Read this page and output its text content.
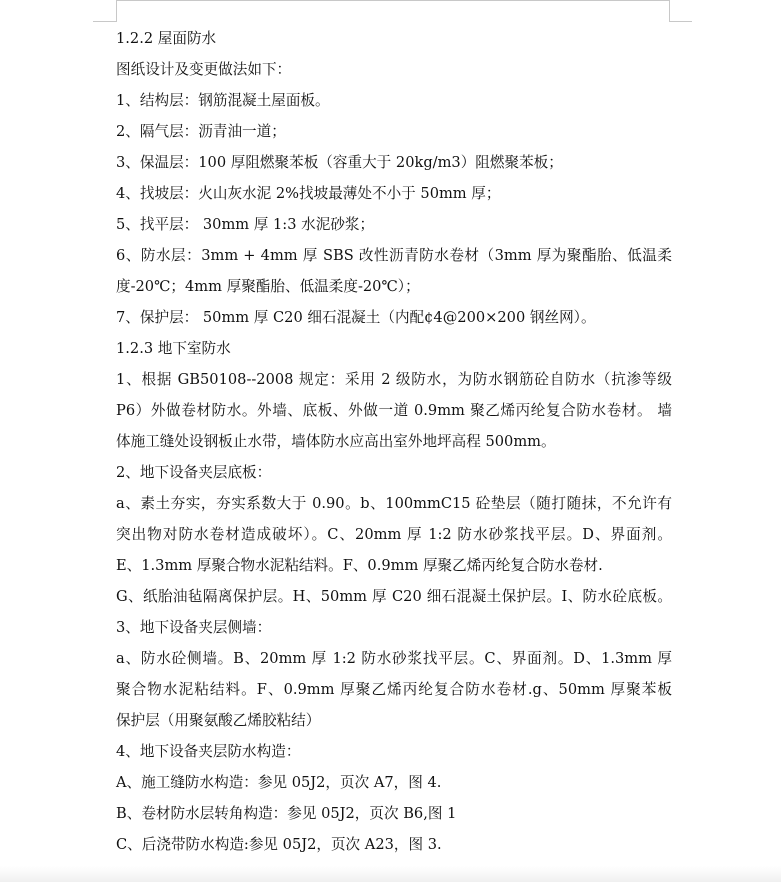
1.2.2 屋面防水
图纸设计及变更做法如下：
1、结构层：钢筋混凝土屋面板。
2、隔气层：沥青油一道；
3、保温层：100 厚阻燃聚苯板（容重大于 20kg/m3）阻燃聚苯板；
4、找坡层：火山灰水泥 2%找坡最薄处不小于 50mm 厚；
5、找平层： 30mm 厚 1:3 水泥砂浆；
6、防水层：3mm + 4mm 厚 SBS 改性沥青防水卷材（3mm 厚为聚酯胎、低温柔
度-20℃；4mm 厚聚酯胎、低温柔度-20℃）；
7、保护层： 50mm 厚 C20 细石混凝土（内配¢4@200×200 钢丝网）。
1.2.3 地下室防水
1、根据 GB50108--2008 规定：采用 2 级防水，为防水钢筋砼自防水（抗渗等级
P6）外做卷材防水。外墙、底板、外做一道 0.9mm 聚乙烯丙纶复合防水卷材。 墙
体施工缝处设钢板止水带，墙体防水应高出室外地坪高程 500mm。
2、地下设备夹层底板：
a、素土夯实，夯实系数大于 0.90。b、100mmC15 砼垫层（随打随抹，不允许有
突出物对防水卷材造成破坏）。C、20mm 厚 1:2 防水砂浆找平层。D、界面剂。
E、1.3mm 厚聚合物水泥粘结料。F、0.9mm 厚聚乙烯丙纶复合防水卷材.
G、纸胎油毡隔离保护层。H、50mm 厚 C20 细石混凝土保护层。I、防水砼底板。
3、地下设备夹层侧墙：
a、防水砼侧墙。B、20mm 厚 1:2 防水砂浆找平层。C、界面剂。D、1.3mm 厚
聚合物水泥粘结料。F、0.9mm 厚聚乙烯丙纶复合防水卷材.g、50mm 厚聚苯板
保护层（用聚氨酸乙烯胶粘结）
4、地下设备夹层防水构造：
A、施工缝防水构造：参见 05J2，页次 A7，图 4.
B、卷材防水层转角构造：参见 05J2，页次 B6,图 1
C、后浇带防水构造:参见 05J2，页次 A23，图 3.
